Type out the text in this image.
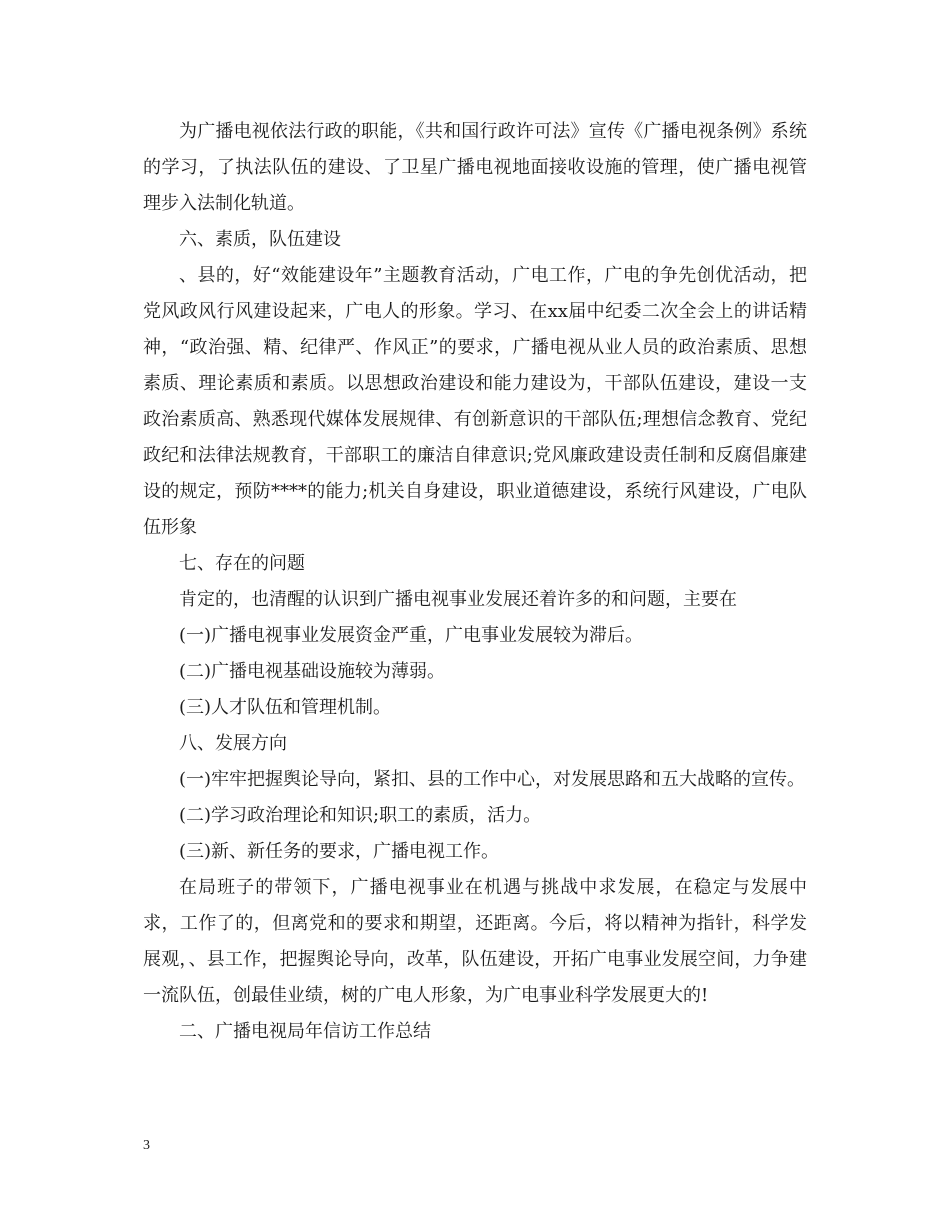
为广播电视依法行政的职能，《共和国行政许可法》宣传《广播电视条例》系统的学习，了执法队伍的建设、了卫星广播电视地面接收设施的管理，使广播电视管理步入法制化轨道。

六、素质，队伍建设

、县的，好“效能建设年”主题教育活动，广电工作，广电的争先创优活动，把党风政风行风建设起来，广电人的形象。学习、在xx届中纪委二次全会上的讲话精神，“政治强、精、纪律严、作风正”的要求，广播电视从业人员的政治素质、思想素质、理论素质和素质。以思想政治建设和能力建设为，干部队伍建设，建设一支政治素质高、熟悉现代媒体发展规律、有创新意识的干部队伍;理想信念教育、党纪政纪和法律法规教育，干部职工的廉洁自律意识;党风廉政建设责任制和反腐倡廉建设的规定，预防****的能力;机关自身建设，职业道德建设，系统行风建设，广电队伍形象

七、存在的问题

肯定的，也清醒的认识到广播电视事业发展还着许多的和问题，主要在

(一)广播电视事业发展资金严重，广电事业发展较为滞后。

(二)广播电视基础设施较为薄弱。

(三)人才队伍和管理机制。

八、发展方向

(一)牢牢把握舆论导向，紧扣、县的工作中心，对发展思路和五大战略的宣传。

(二)学习政治理论和知识;职工的素质，活力。

(三)新、新任务的要求，广播电视工作。

在局班子的带领下，广播电视事业在机遇与挑战中求发展，在稳定与发展中求，工作了的，但离党和的要求和期望，还距离。今后，将以精神为指针，科学发展观，、县工作，把握舆论导向，改革，队伍建设，开拓广电事业发展空间，力争建一流队伍，创最佳业绩，树的广电人形象，为广电事业科学发展更大的!

二、广播电视局年信访工作总结

3
